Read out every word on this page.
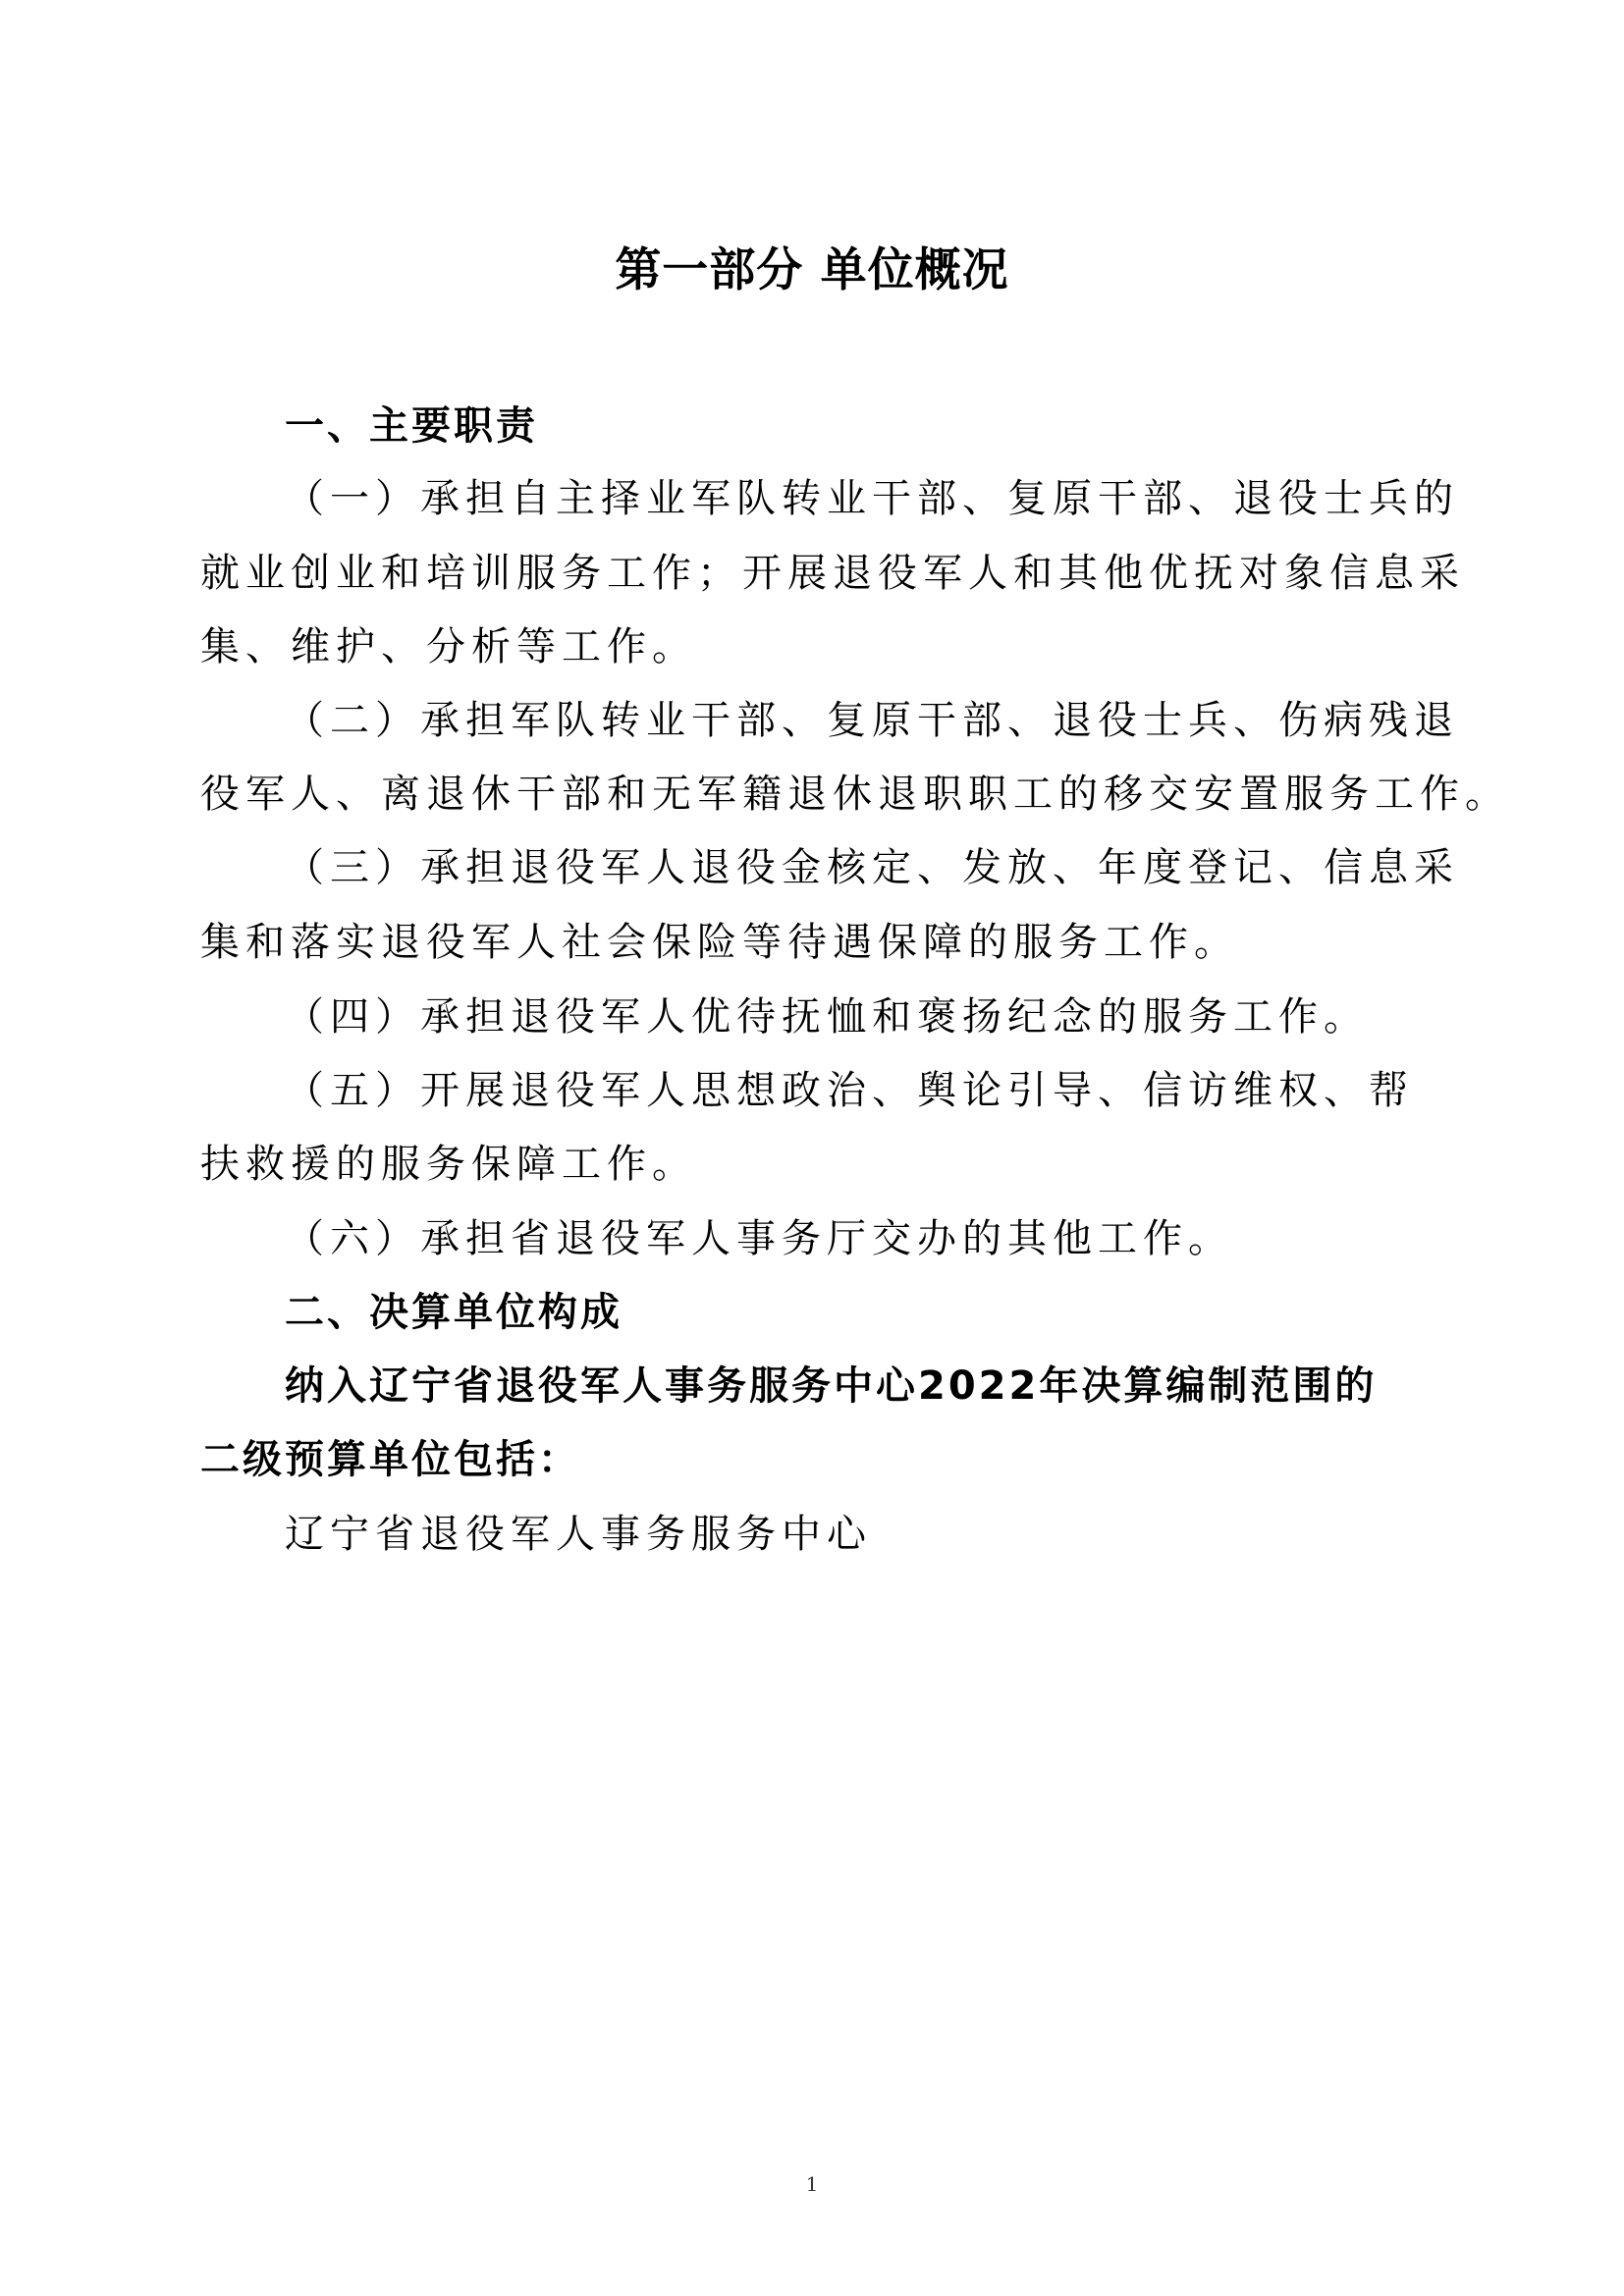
第一部分 单位概况
一、主要职责
（一）承担自主择业军队转业干部、复原干部、退役士兵的
就业创业和培训服务工作；开展退役军人和其他优抚对象信息采
集、维护、分析等工作。
（二）承担军队转业干部、复原干部、退役士兵、伤病残退
役军人、离退休干部和无军籍退休退职职工的移交安置服务工作。
（三）承担退役军人退役金核定、发放、年度登记、信息采
集和落实退役军人社会保险等待遇保障的服务工作。
（四）承担退役军人优待抚恤和褒扬纪念的服务工作。
（五）开展退役军人思想政治、舆论引导、信访维权、帮
扶救援的服务保障工作。
（六）承担省退役军人事务厅交办的其他工作。
二、决算单位构成
纳入辽宁省退役军人事务服务中心2022年决算编制范围的
二级预算单位包括：
辽宁省退役军人事务服务中心
1
